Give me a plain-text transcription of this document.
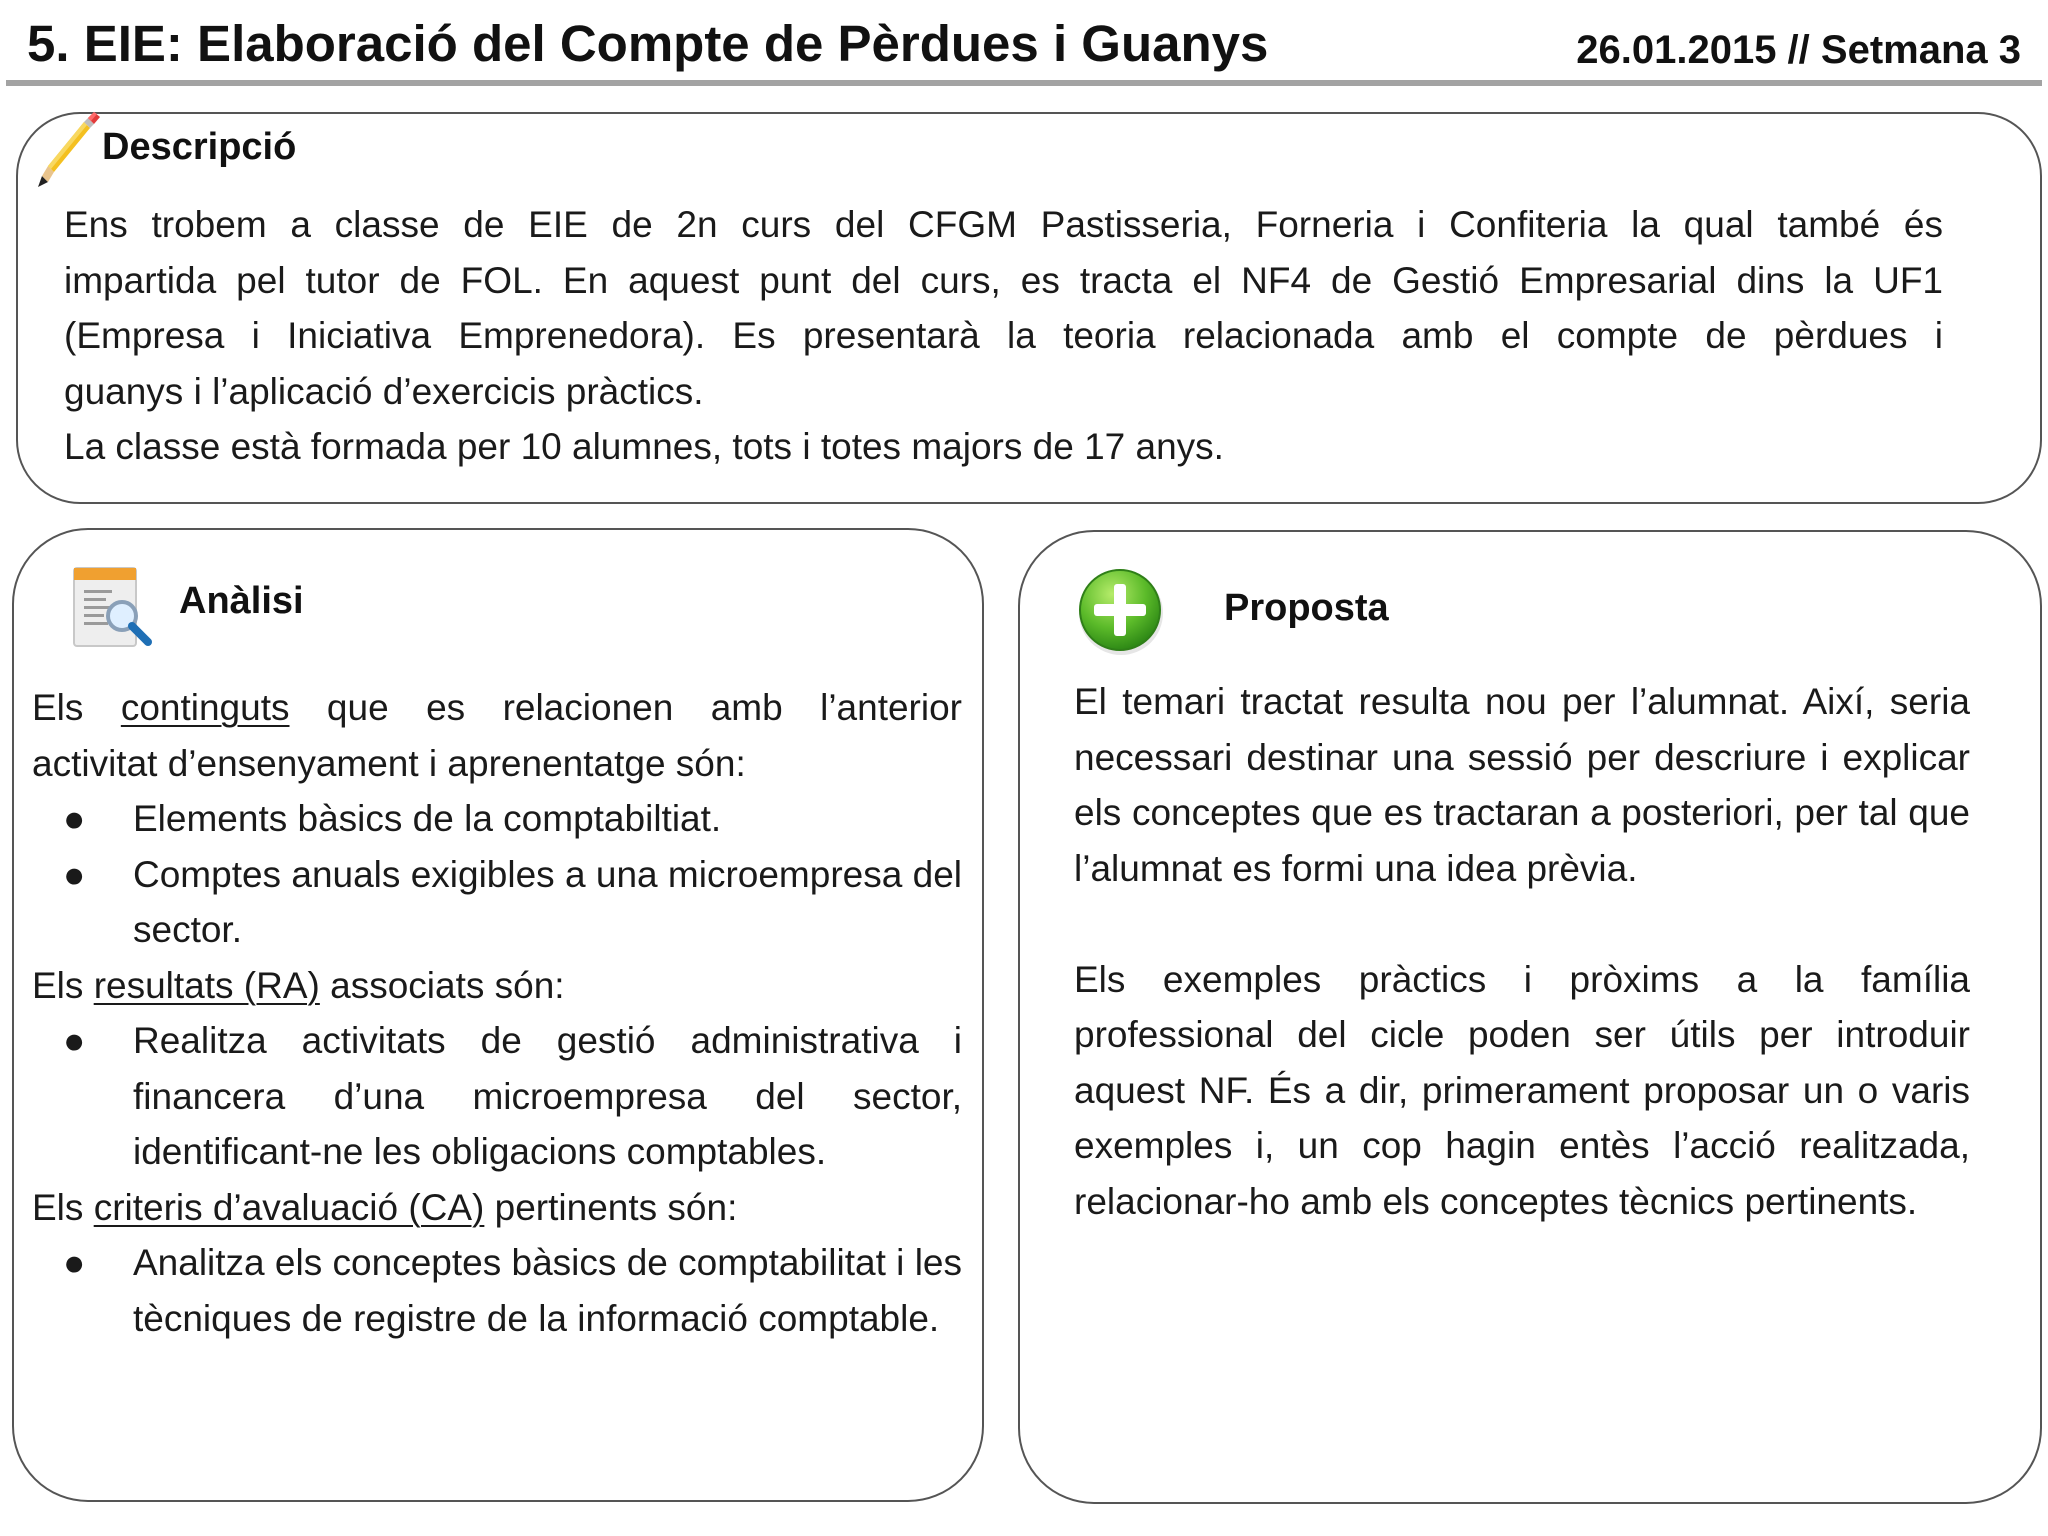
5. EIE: Elaboració del Compte de Pèrdues i Guanys	26.01.2015 // Setmana 3
Descripció
Ens trobem a classe de EIE de 2n curs del CFGM Pastisseria, Forneria i Confiteria la qual també és
impartida pel tutor de FOL. En aquest punt del curs, es tracta el NF4 de Gestió Empresarial dins la UF1
(Empresa i Iniciativa Emprenedora). Es presentarà la teoria relacionada amb el compte de pèrdues i
guanys i l’aplicació d’exercicis pràctics.
La classe està formada per 10 alumnes, tots i totes majors de 17 anys.
Anàlisi
Els continguts que es relacionen amb l’anterior
activitat d’ensenyament i aprenentatge són:
● Elements bàsics de la comptabiltiat.
● Comptes anuals exigibles a una microempresa del sector.
Els resultats (RA) associats són:
● Realitza activitats de gestió administrativa i financera d’una microempresa del sector, identificant-ne les obligacions comptables.
Els criteris d’avaluació (CA) pertinents són:
● Analitza els conceptes bàsics de comptabilitat i les tècniques de registre de la informació comptable.
Proposta

El temari tractat resulta nou per l’alumnat. Així, seria necessari destinar una sessió per descriure i explicar els conceptes que es tractaran a posteriori, per tal que l’alumnat es formi una idea prèvia.

Els exemples pràctics i pròxims a la família professional del cicle poden ser útils per introduir aquest NF. És a dir, primerament proposar un o varis exemples i, un cop hagin entès l’acció realitzada, relacionar-ho amb els conceptes tècnics pertinents.
